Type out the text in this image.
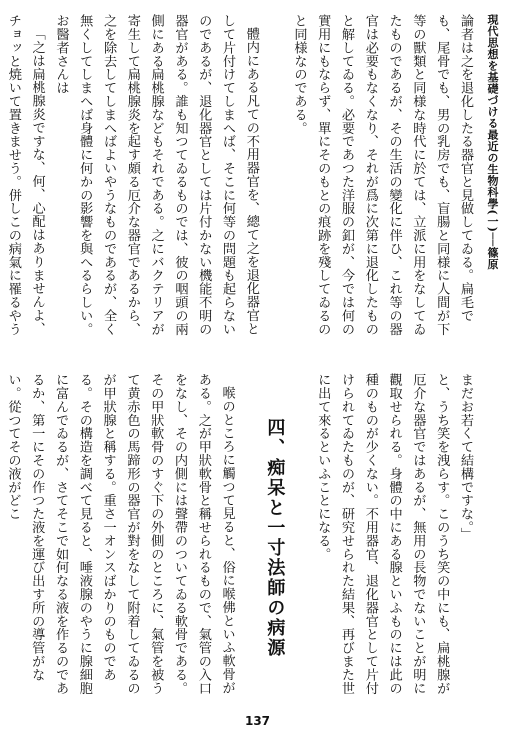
現代思想を基礎づける最近の生物科學(一)──篠原

論者は之を退化したる器官と見做してゐる。扁毛でも、尾骨でも、男の乳房でも、盲腸と同様に人間が下等の獸類と同様な時代に於ては、立派に用をなしてゐたものであるが、その生活の變化に伴ひ、これ等の器官は必要もなくなり、それが爲に次第に退化したものと解してゐる。必要であつた洋服の釦が、今では何の實用にもならず、單にそのもとの痕跡を殘してゐるのと同様なのである。

體内にある凡ての不用器官を、總て之を退化器官として片付けてしまへば、そこに何等の問題も起らないのであるが、退化器官としては片付かない機能不明の器官がある。誰も知つてゐるものでは、彼の咽頭の兩側にある扁桃腺などもそれである。之にバクテリアが寄生して扁桃腺炎を起す頗る厄介な器官であるから、之を除去してしまへばよいやうなものであるが、全く無くしてしまへば身體に何かの影響を與へるらしい。お醫者さんは

「之は扁桃腺炎ですな、何、心配はありませんよ、チョッと焼いて置きませう。併しこの病氣に罹るやう

まだお若くて結構ですな。」

と、うち笑を洩らす。このうち笑の中にも、扁桃腺が厄介な器官ではあるが、無用の長物でないことが明に觀取せられる。身體の中にある腺といふものには此の種のものが少くない。不用器官、退化器官として片付けられてゐたものが、研究せられた結果、再びまた世に出て來るといふことになる。

四、痴呆と一寸法師の病源

喉のところに觸つて見ると、俗に喉佛といふ軟骨がある。之が甲狀軟骨と稱せられるもので、氣管の入口をなし、その内側には聲帶のついてゐる軟骨である。その甲狀軟骨のすぐ下の外側のところに、氣管を被うて黄赤色の馬蹄形の器官が對をなして附着してゐるのが甲狀腺と稱する。重さ一オンスばかりのものである。その構造を調べて見ると、唾液腺のやうに腺細胞に富んでゐるが、さてそこで如何なる液を作るのであるか、第一にその作つた液を運び出す所の導管がない。從つてその液がどこ

137
